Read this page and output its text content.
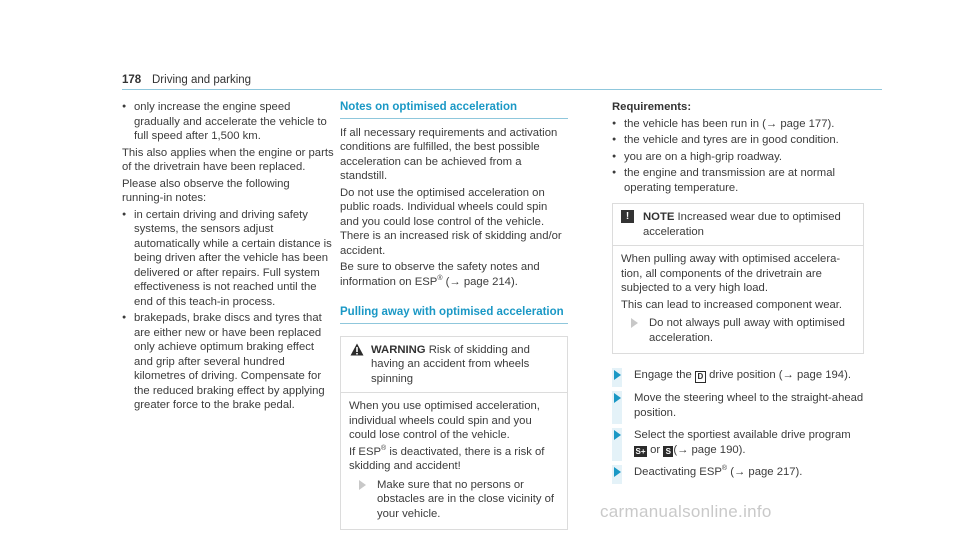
178 Driving and parking
● only increase the engine speed gradually and accelerate the vehicle to full speed after 1,500 km.

This also applies when the engine or parts of the drivetrain have been replaced.

Please also observe the following running-in notes:

● in certain driving and driving safety systems, the sensors adjust automatically while a certain distance is being driven after the vehicle has been delivered or after repairs. Full system effectiveness is not reached until the end of this teach-in process.
● brakepads, brake discs and tyres that are either new or have been replaced only achieve optimum braking effect and grip after several hundred kilometres of driving. Compensate for the reduced braking effect by applying greater force to the brake pedal.
Notes on optimised acceleration

If all necessary requirements and activation conditions are fulfilled, the best possible acceleration can be achieved from a standstill.

Do not use the optimised acceleration on public roads. Individual wheels could spin and you could lose control of the vehicle. There is an increased risk of skidding and/or accident.

Be sure to observe the safety notes and information on ESP® (→ page 214).

Pulling away with optimised acceleration
WARNING Risk of skidding and having an accident from wheels spinning

When you use optimised acceleration, individual wheels could spin and you could lose control of the vehicle.

If ESP® is deactivated, there is a risk of skidding and accident!

Make sure that no persons or obstacles are in the close vicinity of your vehicle.
Requirements:
● the vehicle has been run in (→ page 177).
● the vehicle and tyres are in good condition.
● you are on a high-grip roadway.
● the engine and transmission are at normal operating temperature.
!	NOTE Increased wear due to optimised acceleration

When pulling away with optimised acceleration, all components of the drivetrain are subjected to a very high load.

This can lead to increased component wear.

Do not always pull away with optimised acceleration.
Engage the D drive position (→ page 194).
Move the steering wheel to the straight-ahead position.
Select the sportiest available drive program S+ or S (→ page 190).
Deactivating ESP® (→ page 217).
carmanualsonline.info
